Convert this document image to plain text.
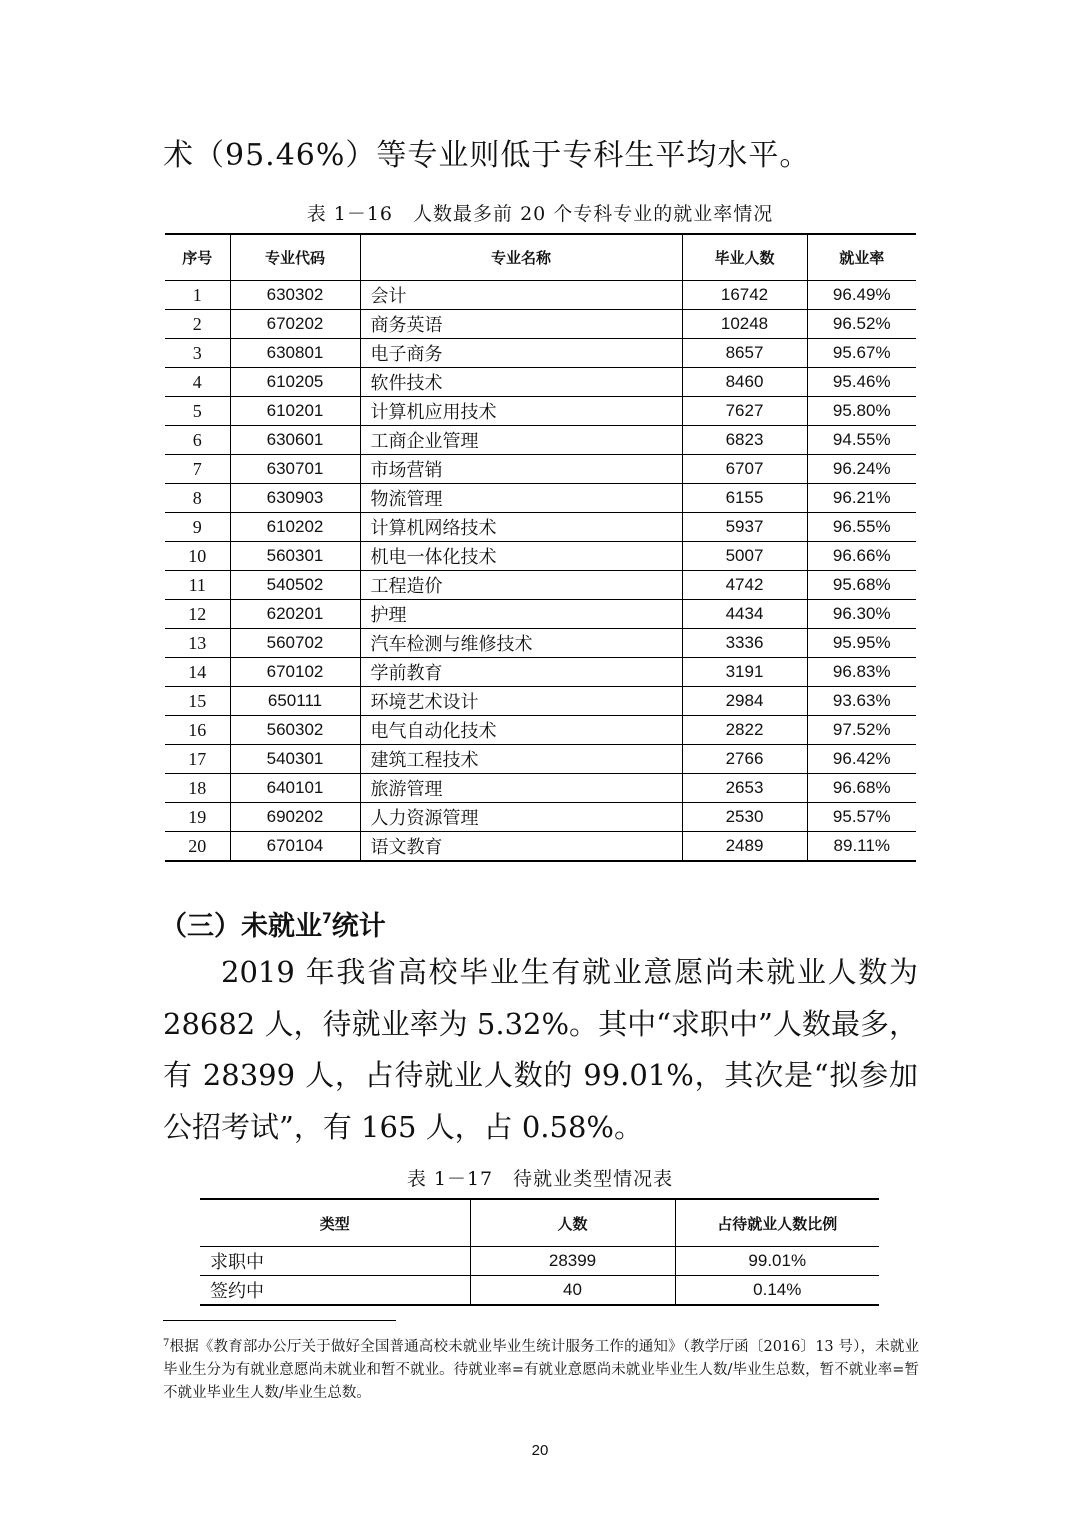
术（95.46%）等专业则低于专科生平均水平。
表 1－16　人数最多前 20 个专科专业的就业率情况
序号	专业代码	专业名称	毕业人数	就业率
1	630302	会计	16742	96.49%
2	670202	商务英语	10248	96.52%
3	630801	电子商务	8657	95.67%
4	610205	软件技术	8460	95.46%
5	610201	计算机应用技术	7627	95.80%
6	630601	工商企业管理	6823	94.55%
7	630701	市场营销	6707	96.24%
8	630903	物流管理	6155	96.21%
9	610202	计算机网络技术	5937	96.55%
10	560301	机电一体化技术	5007	96.66%
11	540502	工程造价	4742	95.68%
12	620201	护理	4434	96.30%
13	560702	汽车检测与维修技术	3336	95.95%
14	670102	学前教育	3191	96.83%
15	650111	环境艺术设计	2984	93.63%
16	560302	电气自动化技术	2822	97.52%
17	540301	建筑工程技术	2766	96.42%
18	640101	旅游管理	2653	96.68%
19	690202	人力资源管理	2530	95.57%
20	670104	语文教育	2489	89.11%
（三）未就业$^7$统计
2019 年我省高校毕业生有就业意愿尚未就业人数为 28682 人，待就业率为 5.32%。其中“求职中”人数最多，有 28399 人，占待就业人数的 99.01%，其次是“拟参加公招考试”，有 165 人，占 0.58%。
表 1－17　待就业类型情况表
类型	人数	占待就业人数比例
求职中	28399	99.01%
签约中	40	0.14%
$^7$根据《教育部办公厅关于做好全国普通高校未就业毕业生统计服务工作的通知》（教学厅函〔2016〕13 号），未就业毕业生分为有就业意愿尚未就业和暂不就业。待就业率=有就业意愿尚未就业毕业生人数/毕业生总数，暂不就业率=暂不就业毕业生人数/毕业生总数。
20
